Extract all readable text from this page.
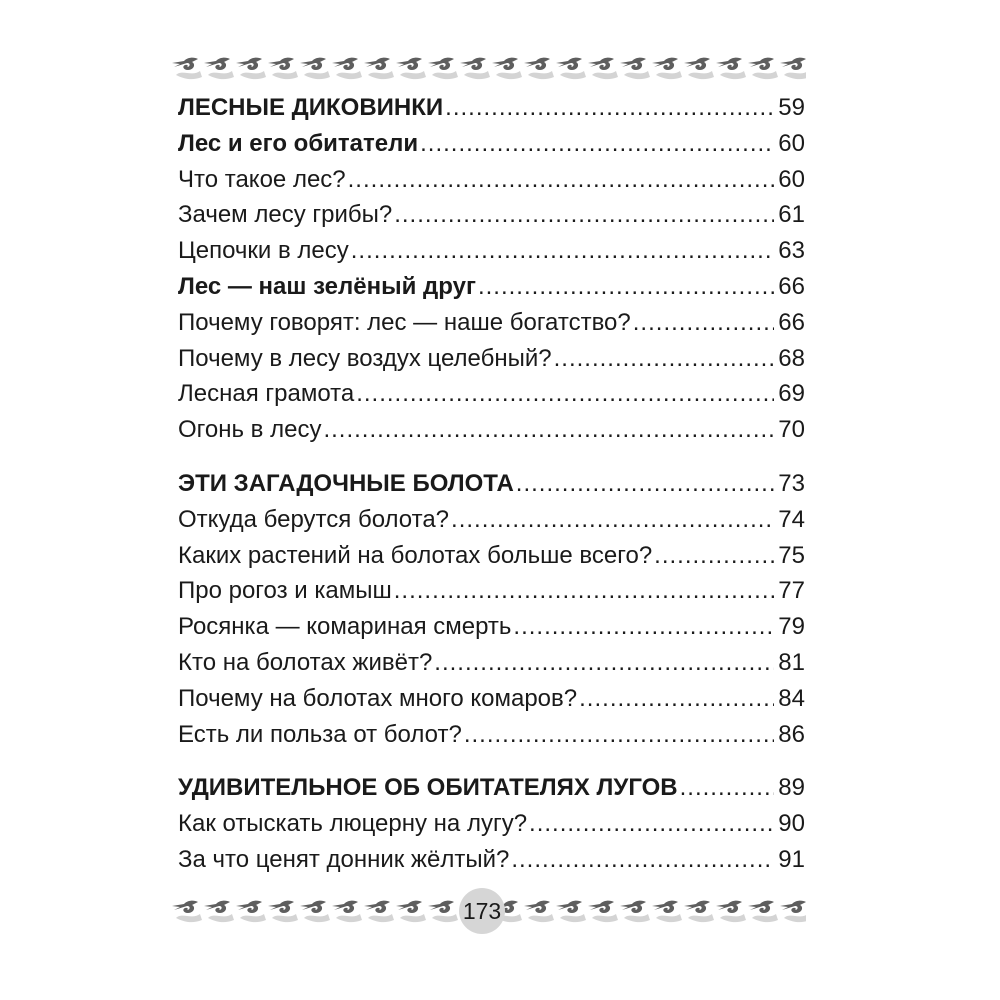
ЛЕСНЫЕ ДИКОВИНКИ .....	59
Лес и его обитатели .....	60
Что такое лес? .....	60
Зачем лесу грибы? .....	61
Цепочки в лесу .....	63
Лес — наш зелёный друг .....	66
Почему говорят: лес — наше богатство? .....	66
Почему в лесу воздух целебный? .....	68
Лесная грамота .....	69
Огонь в лесу .....	70
ЭТИ ЗАГАДОЧНЫЕ БОЛОТА .....	73
Откуда берутся болота? .....	74
Каких растений на болотах больше всего? .....	75
Про рогоз и камыш .....	77
Росянка — комариная смерть .....	79
Кто на болотах живёт? .....	81
Почему на болотах много комаров? .....	84
Есть ли польза от болот? .....	86
УДИВИТЕЛЬНОЕ ОБ ОБИТАТЕЛЯХ ЛУГОВ .....	89
Как отыскать люцерну на лугу? .....	90
За что ценят донник жёлтый? .....	91
173
